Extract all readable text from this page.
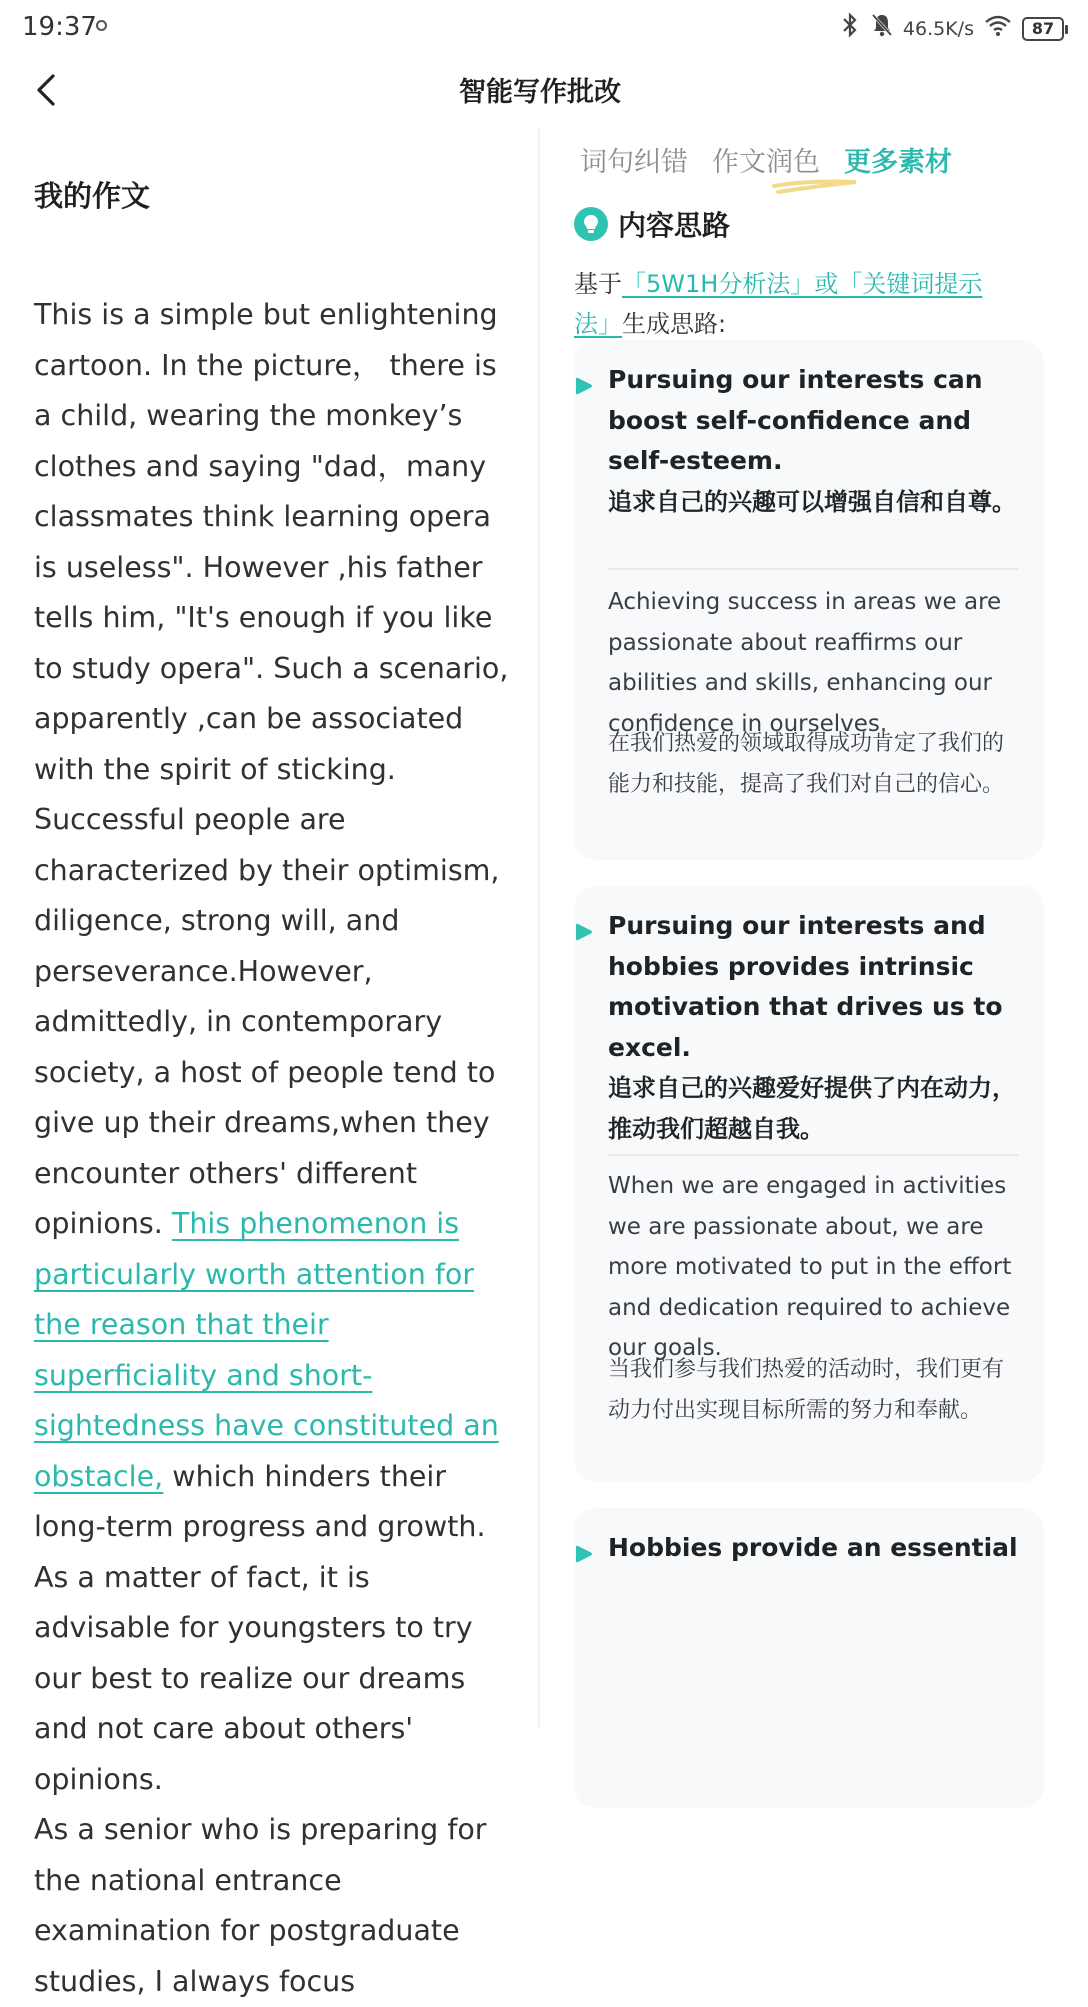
19:37	46.5K/s	87
智能写作批改
我的作文
This is a simple but enlightening cartoon. In the picture， there is a child, wearing the monkey’s clothes and saying "dad，many classmates think learning opera is useless". However ,his father tells him, "It's enough if you like to study opera". Such a scenario, apparently ,can be associated with the spirit of sticking.
Successful people are characterized by their optimism, diligence, strong will, and perseverance.However, admittedly, in contemporary society, a host of people tend to give up their dreams,when they encounter others' different opinions. This phenomenon is particularly worth attention for the reason that their superficiality and short-sightedness have constituted an obstacle, which hinders their long-term progress and growth. As a matter of fact, it is advisable for youngsters to try our best to realize our dreams and not care about others' opinions.
As a senior who is preparing for the national entrance examination for postgraduate studies, I always focus
词句纠错 作文润色 更多素材
内容思路
基于「5W1H分析法」或「关键词提示法」生成思路:
Pursuing our interests can boost self-confidence and self-esteem.
追求自己的兴趣可以增强自信和自尊。
Achieving success in areas we are passionate about reaffirms our abilities and skills, enhancing our confidence in ourselves.
在我们热爱的领域取得成功肯定了我们的能力和技能，提高了我们对自己的信心。
Pursuing our interests and hobbies provides intrinsic motivation that drives us to excel.
追求自己的兴趣爱好提供了内在动力，推动我们超越自我。
When we are engaged in activities we are passionate about, we are more motivated to put in the effort and dedication required to achieve our goals.
当我们参与我们热爱的活动时，我们更有动力付出实现目标所需的努力和奉献。
Hobbies provide an essential
